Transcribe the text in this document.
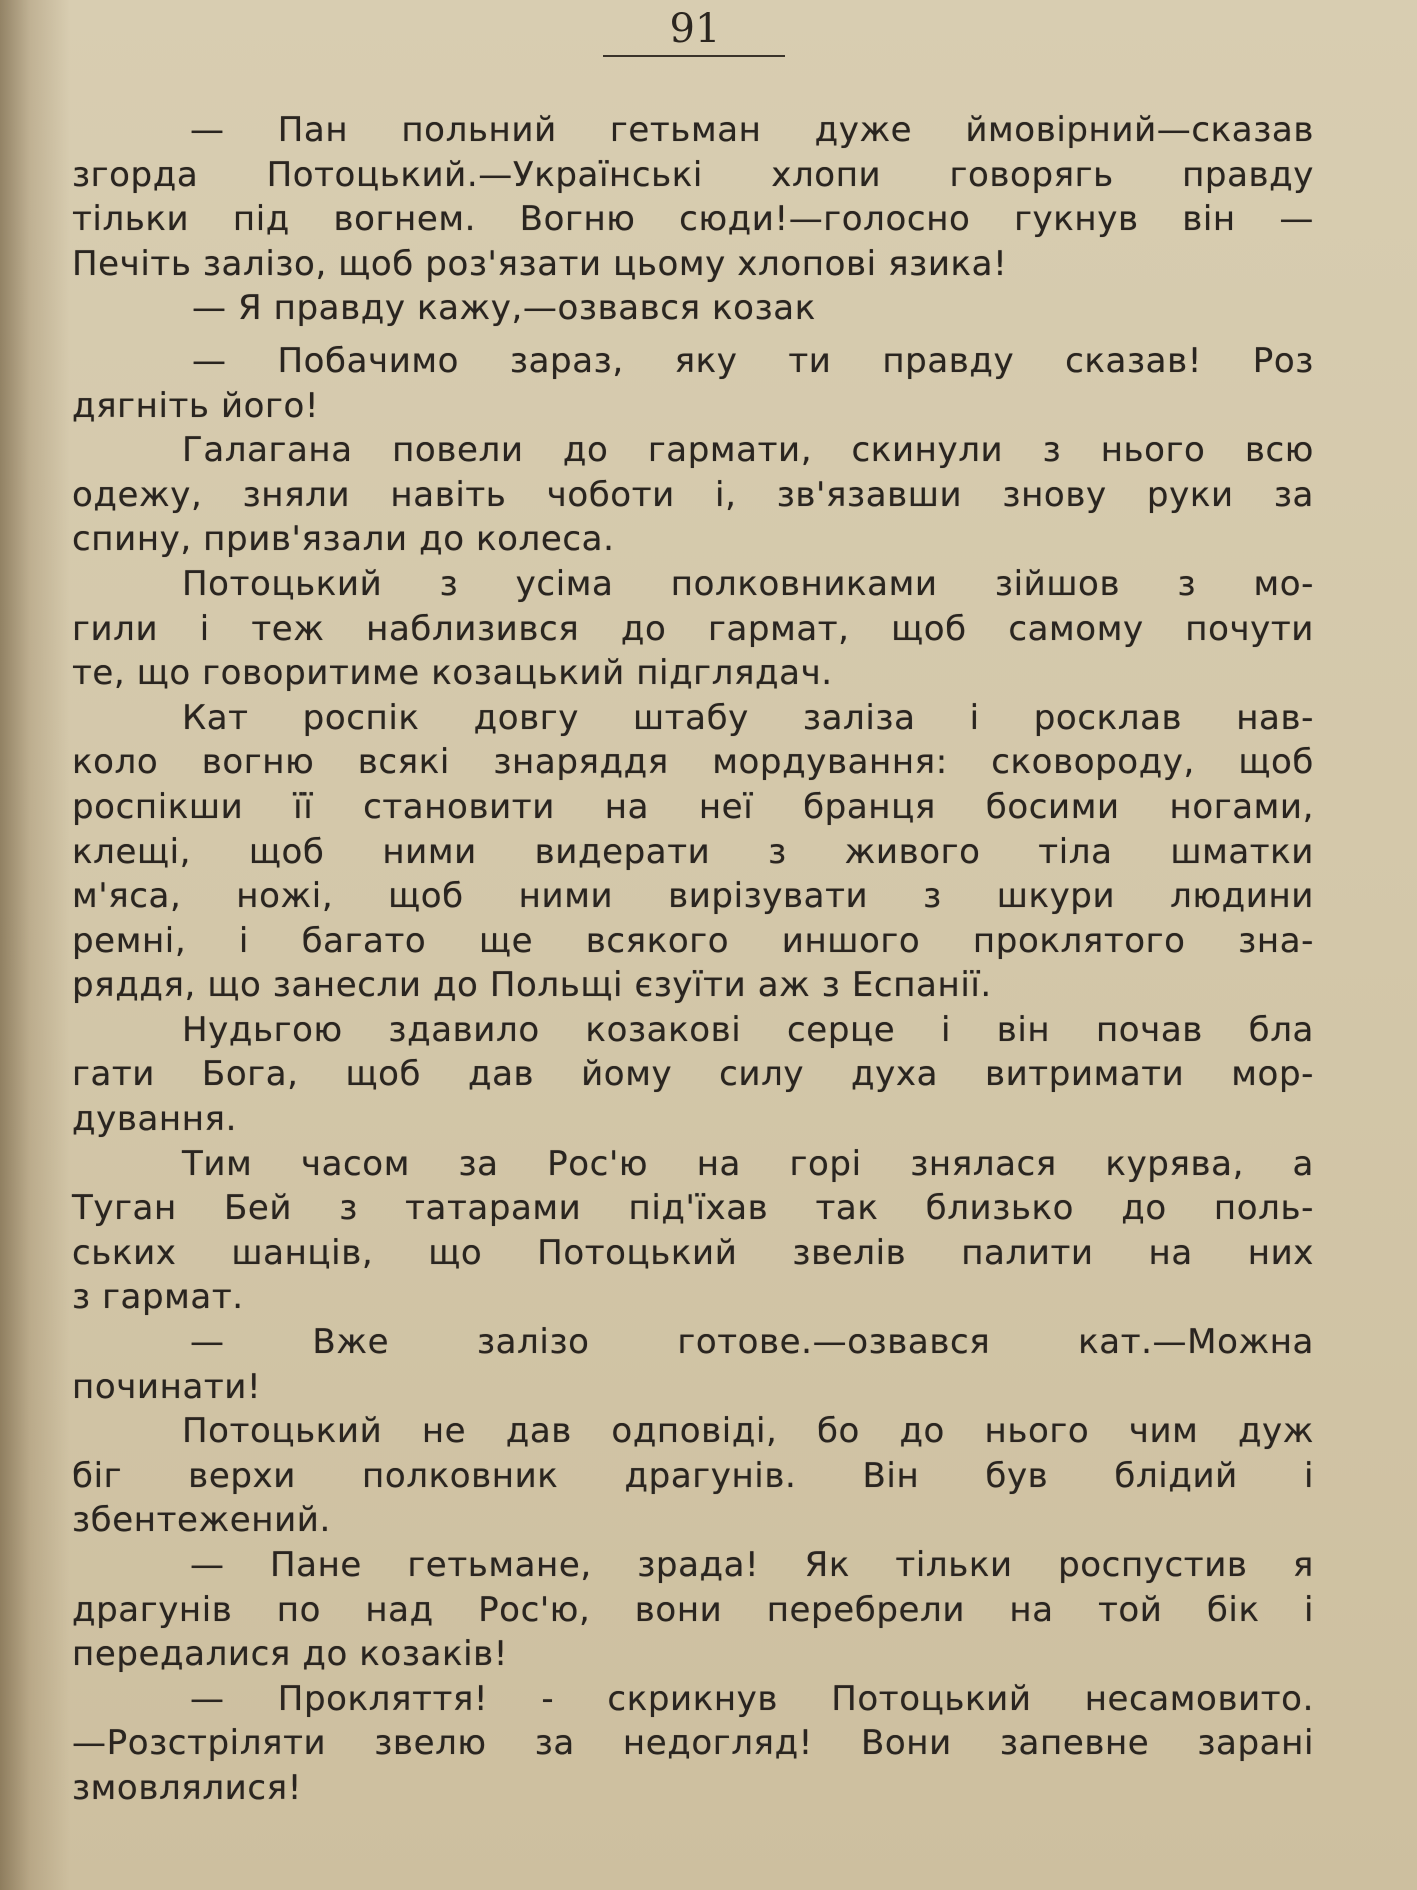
91
— Пан польний гетьман дуже ймовірний—сказав
згорда Потоцький.—Українські хлопи говорягь правду
тільки під вогнем. Вогню сюди!—голосно гукнув він —
Печіть залізо, щоб роз'язати цьому хлопові язика!
— Я правду кажу,—озвався козак
— Побачимо зараз, яку ти правду сказав! Роз
дягніть його!
Галагана повели до гармати, скинули з нього всю
одежу, зняли навіть чоботи і, зв'язавши знову руки за
спину, прив'язали до колеса.
Потоцький з усіма полковниками зійшов з мо-
гили і теж наблизився до гармат, щоб самому почути
те, що говоритиме козацький підглядач.
Кат роспік довгу штабу заліза і росклав нав-
коло вогню всякі знаряддя мордування: сковороду, щоб
роспікши її становити на неї бранця босими ногами,
клещі, щоб ними видерати з живого тіла шматки
м'яса, ножі, щоб ними вирізувати з шкури людини
ремні, і багато ще всякого иншого проклятого зна-
ряддя, що занесли до Польщі єзуїти аж з Еспанії.
Нудьгою здавило козакові серце і він почав бла
гати Бога, щоб дав йому силу духа витримати мор-
дування.
Тим часом за Рос'ю на горі знялася курява, а
Туган Бей з татарами під'їхав так близько до поль-
ських шанців, що Потоцький звелів палити на них
з гармат.
— Вже залізо готове.—озвався кат.—Можна
починати!
Потоцький не дав одповіді, бо до нього чим дуж
біг верхи полковник драгунів. Він був блідий і
збентежений.
— Пане гетьмане, зрада! Як тільки роспустив я
драгунів по над Рос'ю, вони перебрели на той бік і
передалися до козаків!
— Прокляття! - скрикнув Потоцький несамовито.
—Розстріляти звелю за недогляд! Вони запевне зарані
змовлялися!
